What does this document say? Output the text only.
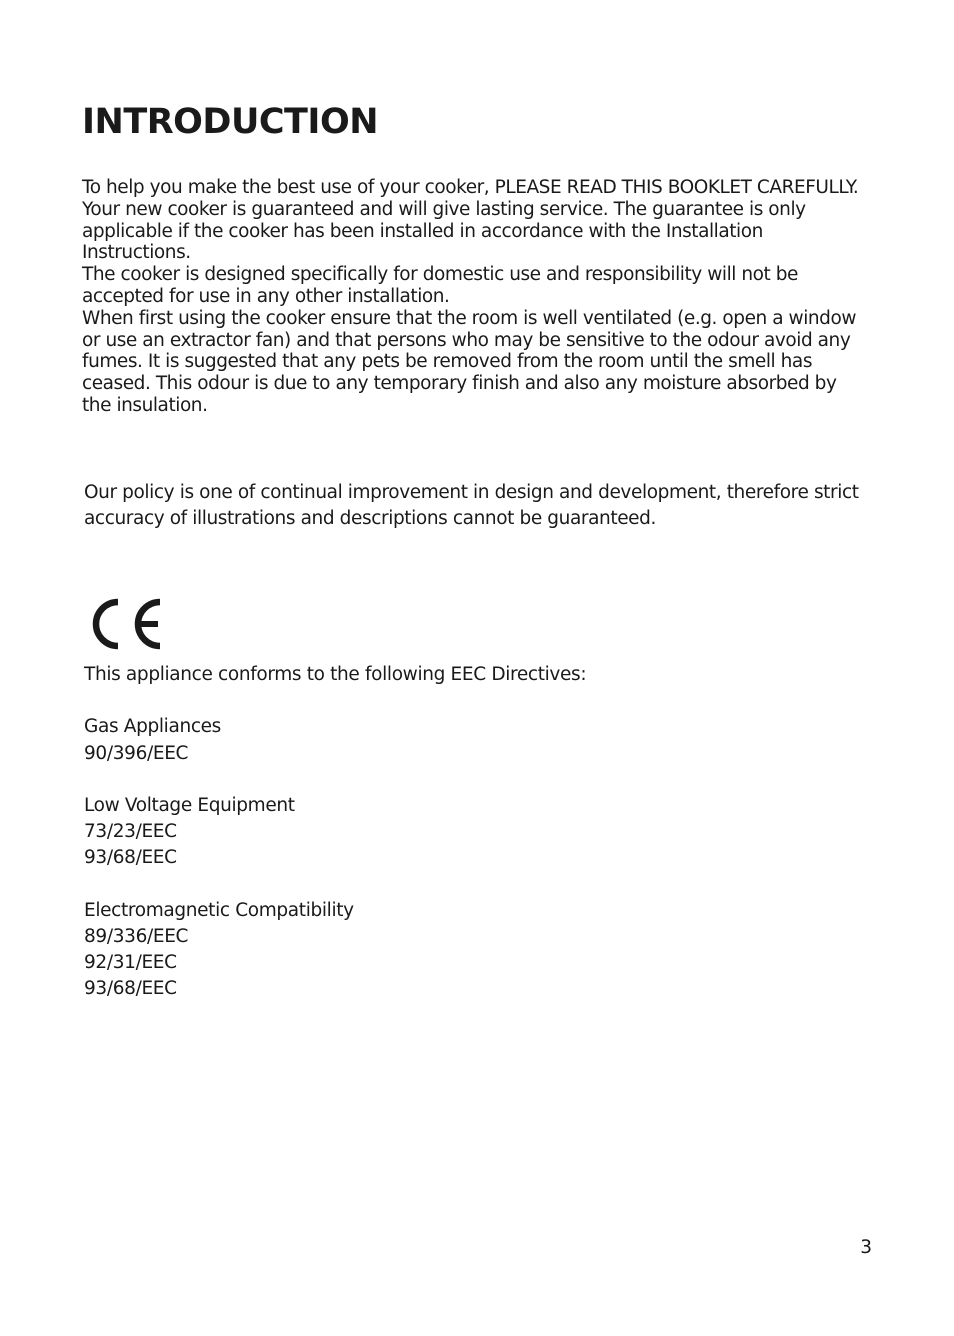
INTRODUCTION

To help you make the best use of your cooker, PLEASE READ THIS BOOKLET CAREFULLY.

Your new cooker is guaranteed and will give lasting service. The guarantee is only applicable if the cooker has been installed in accordance with the Installation Instructions.

The cooker is designed specifically for domestic use and responsibility will not be accepted for use in any other installation.

When first using the cooker ensure that the room is well ventilated (e.g. open a window or use an extractor fan) and that persons who may be sensitive to the odour avoid any fumes. It is suggested that any pets be removed from the room until the smell has ceased. This odour is due to any temporary finish and also any moisture absorbed by the insulation.

Our policy is one of continual improvement in design and development, therefore strict accuracy of illustrations and descriptions cannot be guaranteed.

This appliance conforms to the following EEC Directives:
Gas Appliances
90/396/EEC
Low Voltage Equipment
73/23/EEC
93/68/EEC
Electromagnetic Compatibility
89/336/EEC
92/31/EEC
93/68/EEC
3
